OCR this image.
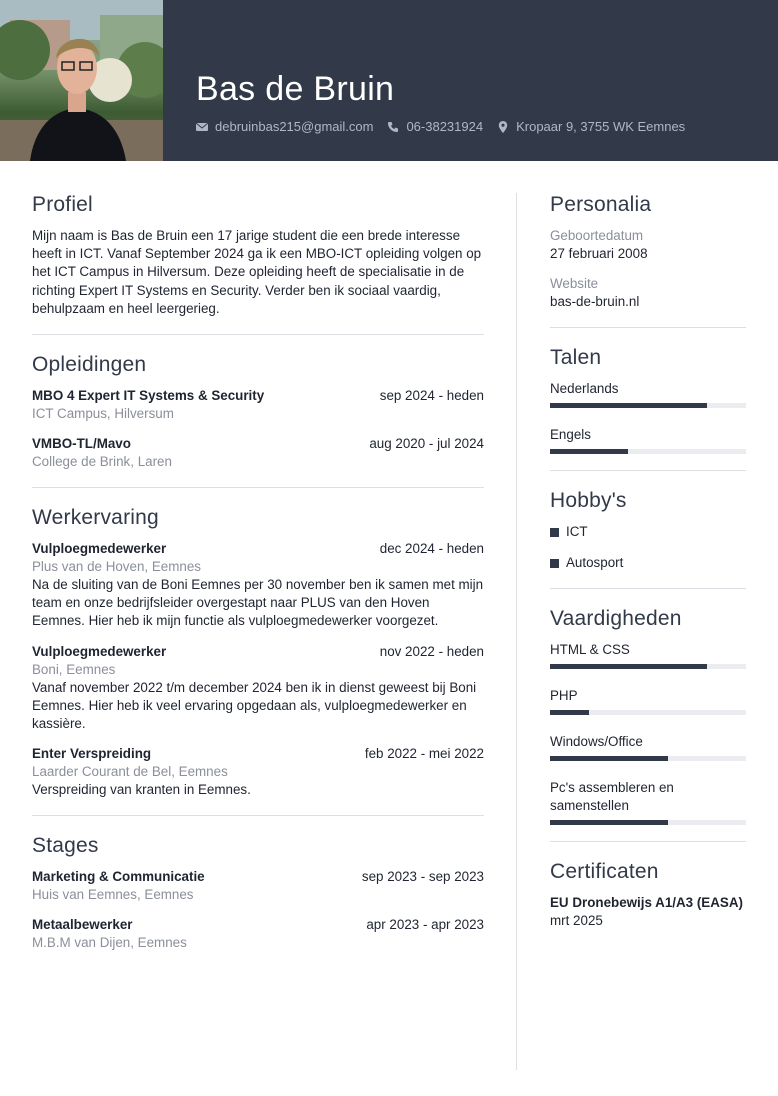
Bas de Bruin
debruinbas215@gmail.com	06-38231924	Kropaar 9, 3755 WK Eemnes
Profiel

Mijn naam is Bas de Bruin een 17 jarige student die een brede interesse heeft in ICT. Vanaf September 2024 ga ik een MBO-ICT opleiding volgen op het ICT Campus in Hilversum. Deze opleiding heeft de specialisatie in de richting Expert IT Systems en Security. Verder ben ik sociaal vaardig, behulpzaam en heel leergerieg.

Opleidingen
MBO 4 Expert IT Systems & Security	sep 2024 - heden
ICT Campus, Hilversum
VMBO-TL/Mavo	aug 2020 - jul 2024
College de Brink, Laren
Werkervaring
Vulploegmedewerker	dec 2024 - heden
Plus van de Hoven, Eemnes

Na de sluiting van de Boni Eemnes per 30 november ben ik samen met mijn team en onze bedrijfsleider overgestapt naar PLUS van den Hoven Eemnes. Hier heb ik mijn functie als vulploegmedewerker voorgezet.

Vulploegmedewerker	nov 2022 - heden
Boni, Eemnes

Vanaf november 2022 t/m december 2024 ben ik in dienst geweest bij Boni Eemnes. Hier heb ik veel ervaring opgedaan als, vulploegmedewerker en kassière.

Enter Verspreiding	feb 2022 - mei 2022
Laarder Courant de Bel, Eemnes

Verspreiding van kranten in Eemnes.

Stages
Marketing & Communicatie	sep 2023 - sep 2023
Huis van Eemnes, Eemnes
Metaalbewerker	apr 2023 - apr 2023
M.B.M van Dijen, Eemnes
Personalia
Geboortedatum
27 februari 2008
Website
bas-de-bruin.nl
Talen
Nederlands
Engels
Hobby's
ICT
Autosport
Vaardigheden
HTML & CSS
PHP
Windows/Office
Pc's assembleren en samenstellen
Certificaten
EU Dronebewijs A1/A3 (EASA)
mrt 2025
